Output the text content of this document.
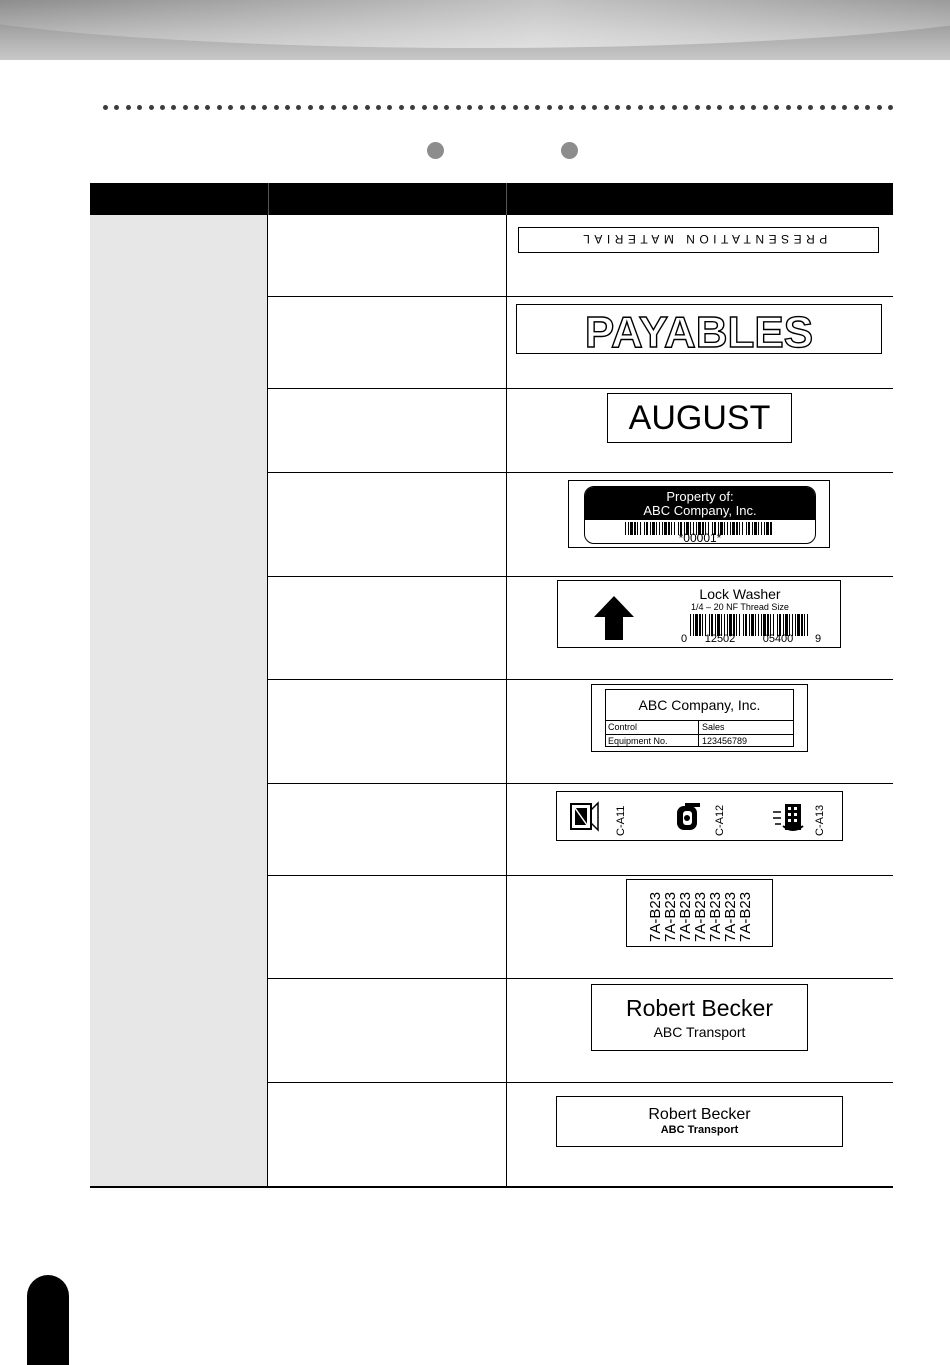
PRESENTATION MATERIAL
PAYABLES
AUGUST
Property of:
ABC Company, Inc.
*00001*
Lock Washer
1/4 – 20 NF Thread Size
0 12502 05400 9
ABC Company, Inc.
Control	Sales
Equipment No.	123456789
C-A11	C-A12	C-A13
7A-B23
7A-B23
7A-B23
7A-B23
7A-B23
7A-B23
7A-B23
Robert Becker
ABC Transport
Robert Becker
ABC Transport
